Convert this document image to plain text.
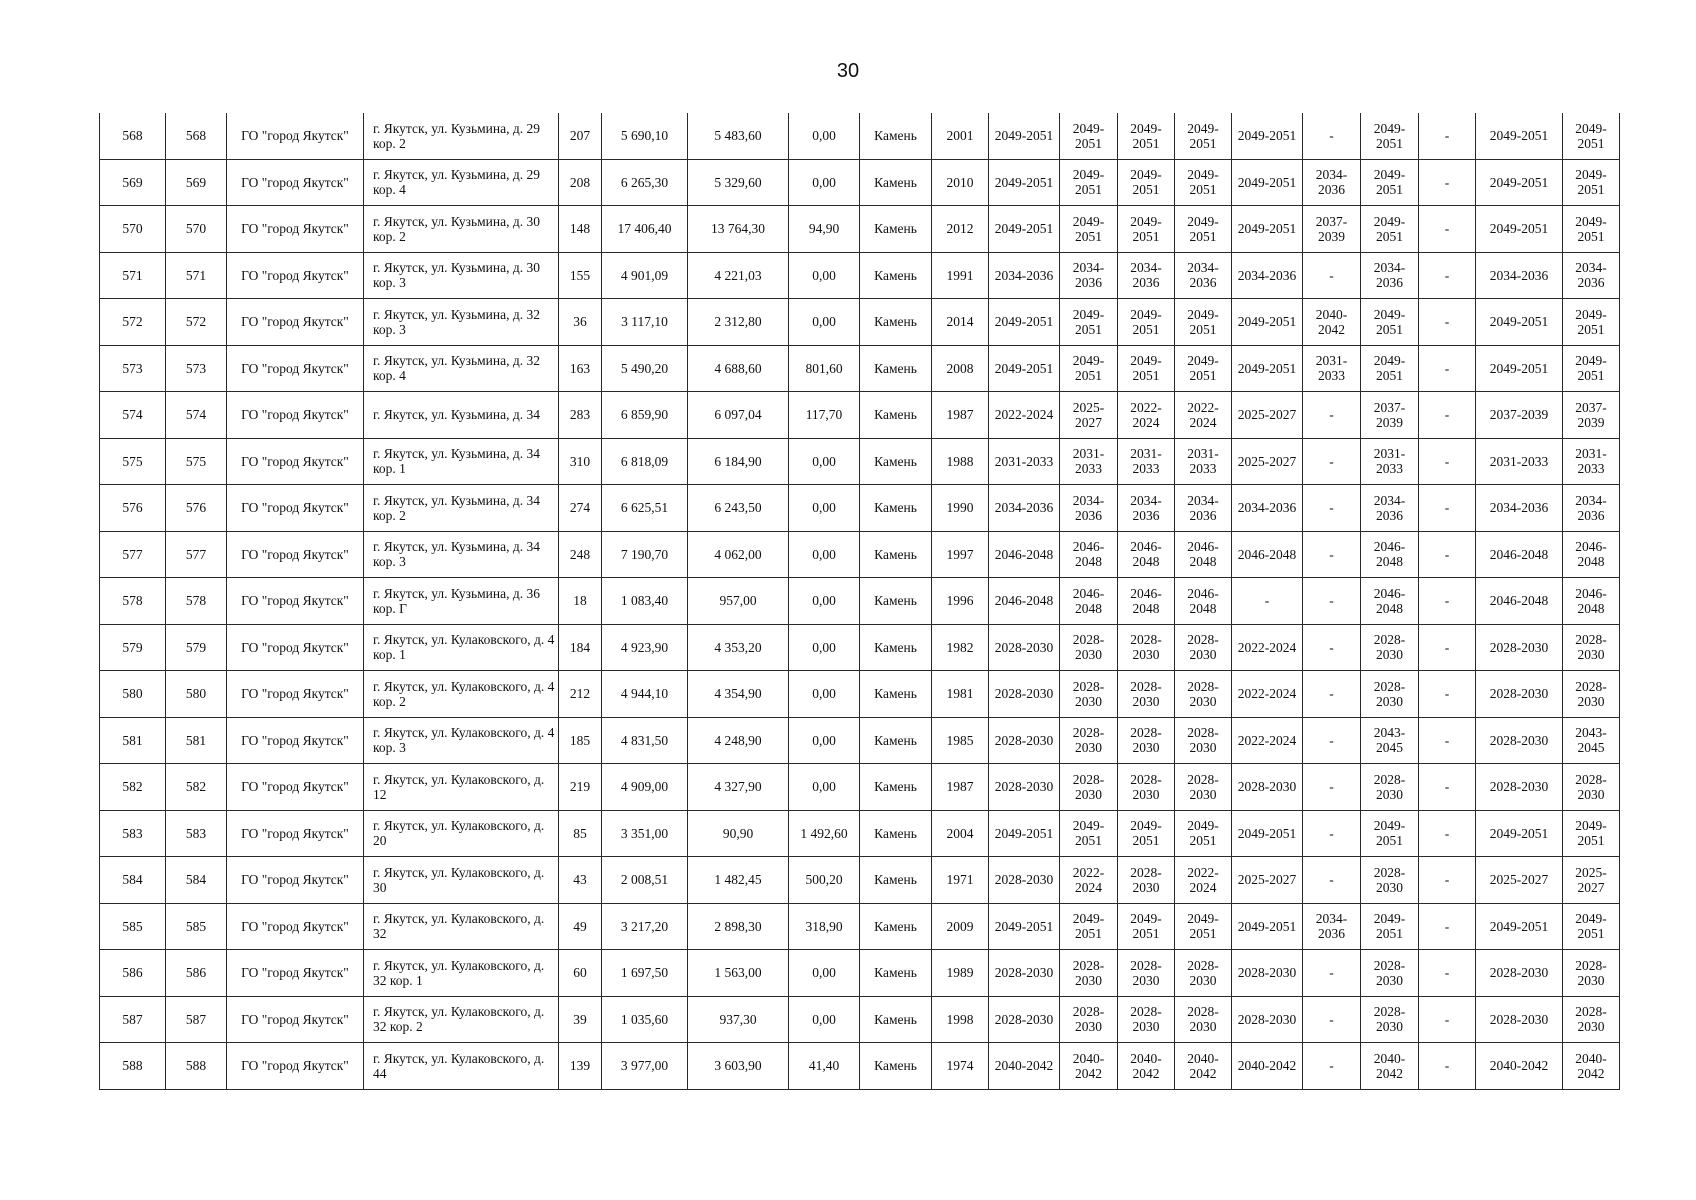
30
568	568	ГО "город Якутск"	г. Якутск, ул. Кузьмина, д. 29 кор. 2	207	5 690,10	5 483,60	0,00	Камень	2001	2049-2051	2049-2051	2049-2051	2049-2051	2049-2051	-	2049-2051	-	2049-2051	2049-2051
569	569	ГО "город Якутск"	г. Якутск, ул. Кузьмина, д. 29 кор. 4	208	6 265,30	5 329,60	0,00	Камень	2010	2049-2051	2049-2051	2049-2051	2049-2051	2049-2051	2034-2036	2049-2051	-	2049-2051	2049-2051
570	570	ГО "город Якутск"	г. Якутск, ул. Кузьмина, д. 30 кор. 2	148	17 406,40	13 764,30	94,90	Камень	2012	2049-2051	2049-2051	2049-2051	2049-2051	2049-2051	2037-2039	2049-2051	-	2049-2051	2049-2051
571	571	ГО "город Якутск"	г. Якутск, ул. Кузьмина, д. 30 кор. 3	155	4 901,09	4 221,03	0,00	Камень	1991	2034-2036	2034-2036	2034-2036	2034-2036	2034-2036	-	2034-2036	-	2034-2036	2034-2036
572	572	ГО "город Якутск"	г. Якутск, ул. Кузьмина, д. 32 кор. 3	36	3 117,10	2 312,80	0,00	Камень	2014	2049-2051	2049-2051	2049-2051	2049-2051	2049-2051	2040-2042	2049-2051	-	2049-2051	2049-2051
573	573	ГО "город Якутск"	г. Якутск, ул. Кузьмина, д. 32 кор. 4	163	5 490,20	4 688,60	801,60	Камень	2008	2049-2051	2049-2051	2049-2051	2049-2051	2049-2051	2031-2033	2049-2051	-	2049-2051	2049-2051
574	574	ГО "город Якутск"	г. Якутск, ул. Кузьмина, д. 34	283	6 859,90	6 097,04	117,70	Камень	1987	2022-2024	2025-2027	2022-2024	2022-2024	2025-2027	-	2037-2039	-	2037-2039	2037-2039
575	575	ГО "город Якутск"	г. Якутск, ул. Кузьмина, д. 34 кор. 1	310	6 818,09	6 184,90	0,00	Камень	1988	2031-2033	2031-2033	2031-2033	2031-2033	2025-2027	-	2031-2033	-	2031-2033	2031-2033
576	576	ГО "город Якутск"	г. Якутск, ул. Кузьмина, д. 34 кор. 2	274	6 625,51	6 243,50	0,00	Камень	1990	2034-2036	2034-2036	2034-2036	2034-2036	2034-2036	-	2034-2036	-	2034-2036	2034-2036
577	577	ГО "город Якутск"	г. Якутск, ул. Кузьмина, д. 34 кор. 3	248	7 190,70	4 062,00	0,00	Камень	1997	2046-2048	2046-2048	2046-2048	2046-2048	2046-2048	-	2046-2048	-	2046-2048	2046-2048
578	578	ГО "город Якутск"	г. Якутск, ул. Кузьмина, д. 36 кор. Г	18	1 083,40	957,00	0,00	Камень	1996	2046-2048	2046-2048	2046-2048	2046-2048	-	-	2046-2048	-	2046-2048	2046-2048
579	579	ГО "город Якутск"	г. Якутск, ул. Кулаковского, д. 4 кор. 1	184	4 923,90	4 353,20	0,00	Камень	1982	2028-2030	2028-2030	2028-2030	2028-2030	2022-2024	-	2028-2030	-	2028-2030	2028-2030
580	580	ГО "город Якутск"	г. Якутск, ул. Кулаковского, д. 4 кор. 2	212	4 944,10	4 354,90	0,00	Камень	1981	2028-2030	2028-2030	2028-2030	2028-2030	2022-2024	-	2028-2030	-	2028-2030	2028-2030
581	581	ГО "город Якутск"	г. Якутск, ул. Кулаковского, д. 4 кор. 3	185	4 831,50	4 248,90	0,00	Камень	1985	2028-2030	2028-2030	2028-2030	2028-2030	2022-2024	-	2043-2045	-	2028-2030	2043-2045
582	582	ГО "город Якутск"	г. Якутск, ул. Кулаковского, д. 12	219	4 909,00	4 327,90	0,00	Камень	1987	2028-2030	2028-2030	2028-2030	2028-2030	2028-2030	-	2028-2030	-	2028-2030	2028-2030
583	583	ГО "город Якутск"	г. Якутск, ул. Кулаковского, д. 20	85	3 351,00	90,90	1 492,60	Камень	2004	2049-2051	2049-2051	2049-2051	2049-2051	2049-2051	-	2049-2051	-	2049-2051	2049-2051
584	584	ГО "город Якутск"	г. Якутск, ул. Кулаковского, д. 30	43	2 008,51	1 482,45	500,20	Камень	1971	2028-2030	2022-2024	2028-2030	2022-2024	2025-2027	-	2028-2030	-	2025-2027	2025-2027
585	585	ГО "город Якутск"	г. Якутск, ул. Кулаковского, д. 32	49	3 217,20	2 898,30	318,90	Камень	2009	2049-2051	2049-2051	2049-2051	2049-2051	2049-2051	2034-2036	2049-2051	-	2049-2051	2049-2051
586	586	ГО "город Якутск"	г. Якутск, ул. Кулаковского, д. 32 кор. 1	60	1 697,50	1 563,00	0,00	Камень	1989	2028-2030	2028-2030	2028-2030	2028-2030	2028-2030	-	2028-2030	-	2028-2030	2028-2030
587	587	ГО "город Якутск"	г. Якутск, ул. Кулаковского, д. 32 кор. 2	39	1 035,60	937,30	0,00	Камень	1998	2028-2030	2028-2030	2028-2030	2028-2030	2028-2030	-	2028-2030	-	2028-2030	2028-2030
588	588	ГО "город Якутск"	г. Якутск, ул. Кулаковского, д. 44	139	3 977,00	3 603,90	41,40	Камень	1974	2040-2042	2040-2042	2040-2042	2040-2042	2040-2042	-	2040-2042	-	2040-2042	2040-2042
